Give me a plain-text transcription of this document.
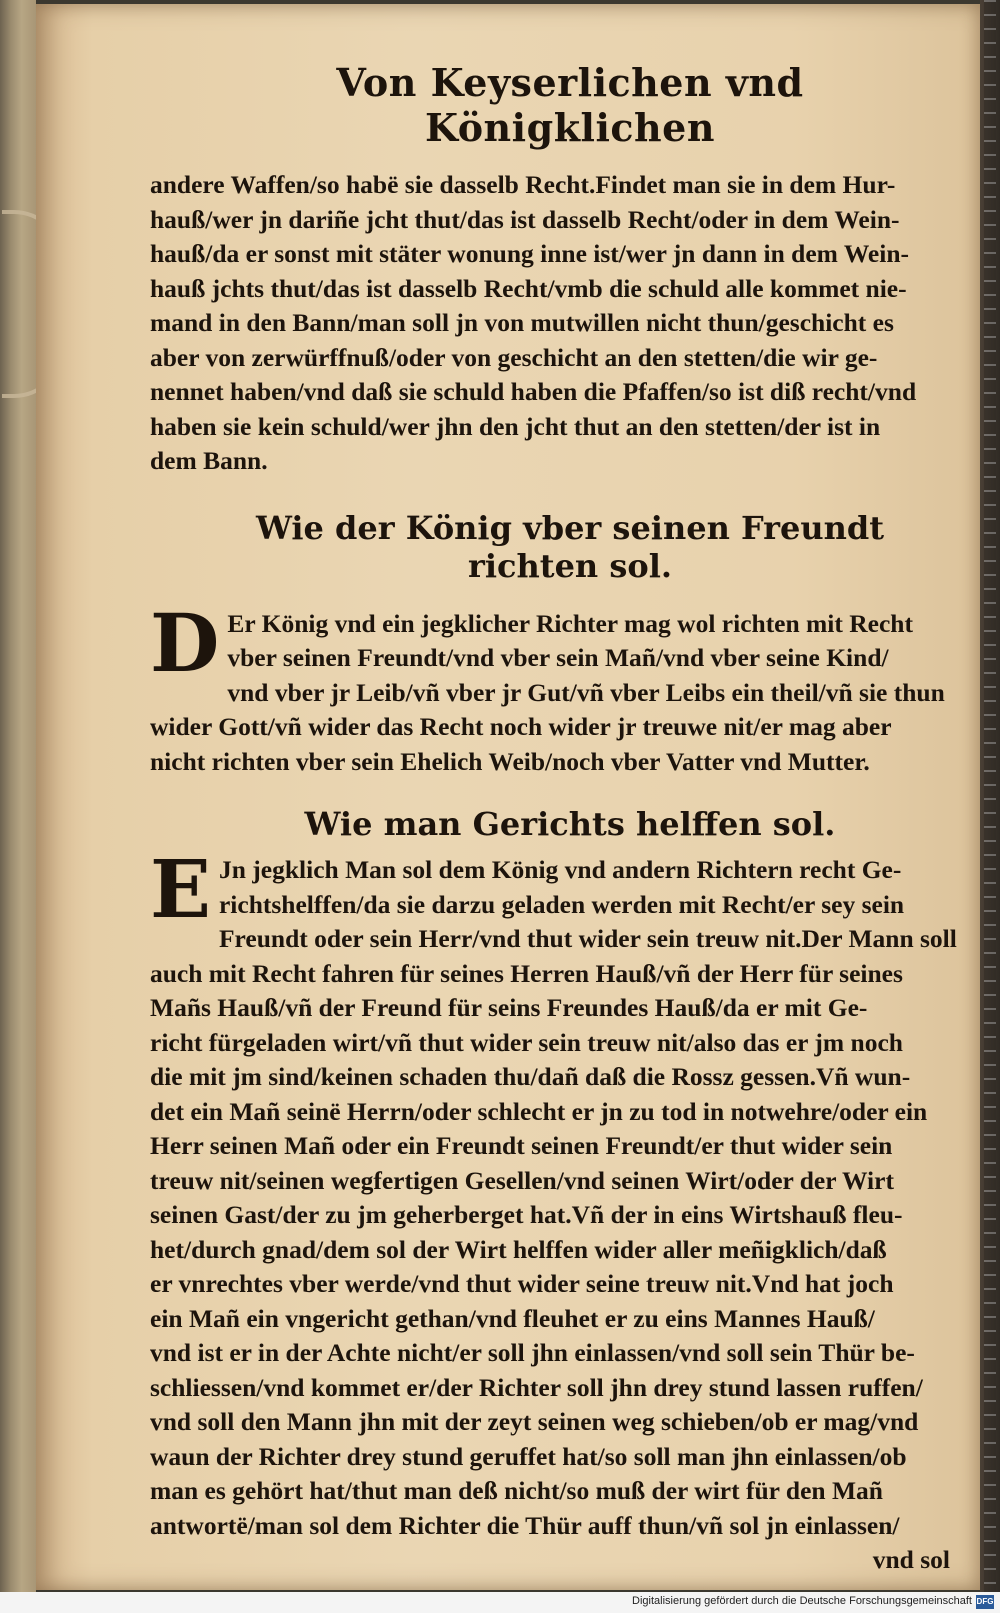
Von Keyserlichen vnd Königklichen

andere Waffen/so habë sie dasselb Recht.Findet man sie in dem Hur-
hauß/wer jn dariñe jcht thut/das ist dasselb Recht/oder in dem Wein-
hauß/da er sonst mit stäter wonung inne ist/wer jn dann in dem Wein-
hauß jchts thut/das ist dasselb Recht/vmb die schuld alle kommet nie-
mand in den Bann/man soll jn von mutwillen nicht thun/geschicht es
aber von zerwürffnuß/oder von geschicht an den stetten/die wir ge-
nennet haben/vnd daß sie schuld haben die Pfaffen/so ist diß recht/vnd
haben sie kein schuld/wer jhn den jcht thut an den stetten/der ist in
dem Bann.

Wie der König vber seinen Freundt richten sol.

D Er König vnd ein jegklicher Richter mag wol richten mit Recht
vber seinen Freundt/vnd vber sein Mañ/vnd vber seine Kind/
vnd vber jr Leib/vñ vber jr Gut/vñ vber Leibs ein theil/vñ sie thun
wider Gott/vñ wider das Recht noch wider jr treuwe nit/er mag aber
nicht richten vber sein Ehelich Weib/noch vber Vatter vnd Mutter.

Wie man Gerichts helffen sol.

E Jn jegklich Man sol dem König vnd andern Richtern recht Ge-
richtshelffen/da sie darzu geladen werden mit Recht/er sey sein
Freundt oder sein Herr/vnd thut wider sein treuw nit.Der Mann soll
auch mit Recht fahren für seines Herren Hauß/vñ der Herr für seines
Mañs Hauß/vñ der Freund für seins Freundes Hauß/da er mit Ge-
richt fürgeladen wirt/vñ thut wider sein treuw nit/also das er jm noch
die mit jm sind/keinen schaden thu/dañ daß die Rossz gessen.Vñ wun-
det ein Mañ seinë Herrn/oder schlecht er jn zu tod in notwehre/oder ein
Herr seinen Mañ oder ein Freundt seinen Freundt/er thut wider sein
treuw nit/seinen wegfertigen Gesellen/vnd seinen Wirt/oder der Wirt
seinen Gast/der zu jm geherberget hat.Vñ der in eins Wirtshauß fleu-
het/durch gnad/dem sol der Wirt helffen wider aller meñigklich/daß
er vnrechtes vber werde/vnd thut wider seine treuw nit.Vnd hat joch
ein Mañ ein vngericht gethan/vnd fleuhet er zu eins Mannes Hauß/
vnd ist er in der Achte nicht/er soll jhn einlassen/vnd soll sein Thür be-
schliessen/vnd kommet er/der Richter soll jhn drey stund lassen ruffen/
vnd soll den Mann jhn mit der zeyt seinen weg schieben/ob er mag/vnd
waun der Richter drey stund geruffet hat/so soll man jhn einlassen/ob
man es gehört hat/thut man deß nicht/so muß der wirt für den Mañ
antwortë/man sol dem Richter die Thür auff thun/vñ sol jn einlassen/

vnd sol
Digitalisierung gefördert durch die Deutsche Forschungsgemeinschaft DFG
